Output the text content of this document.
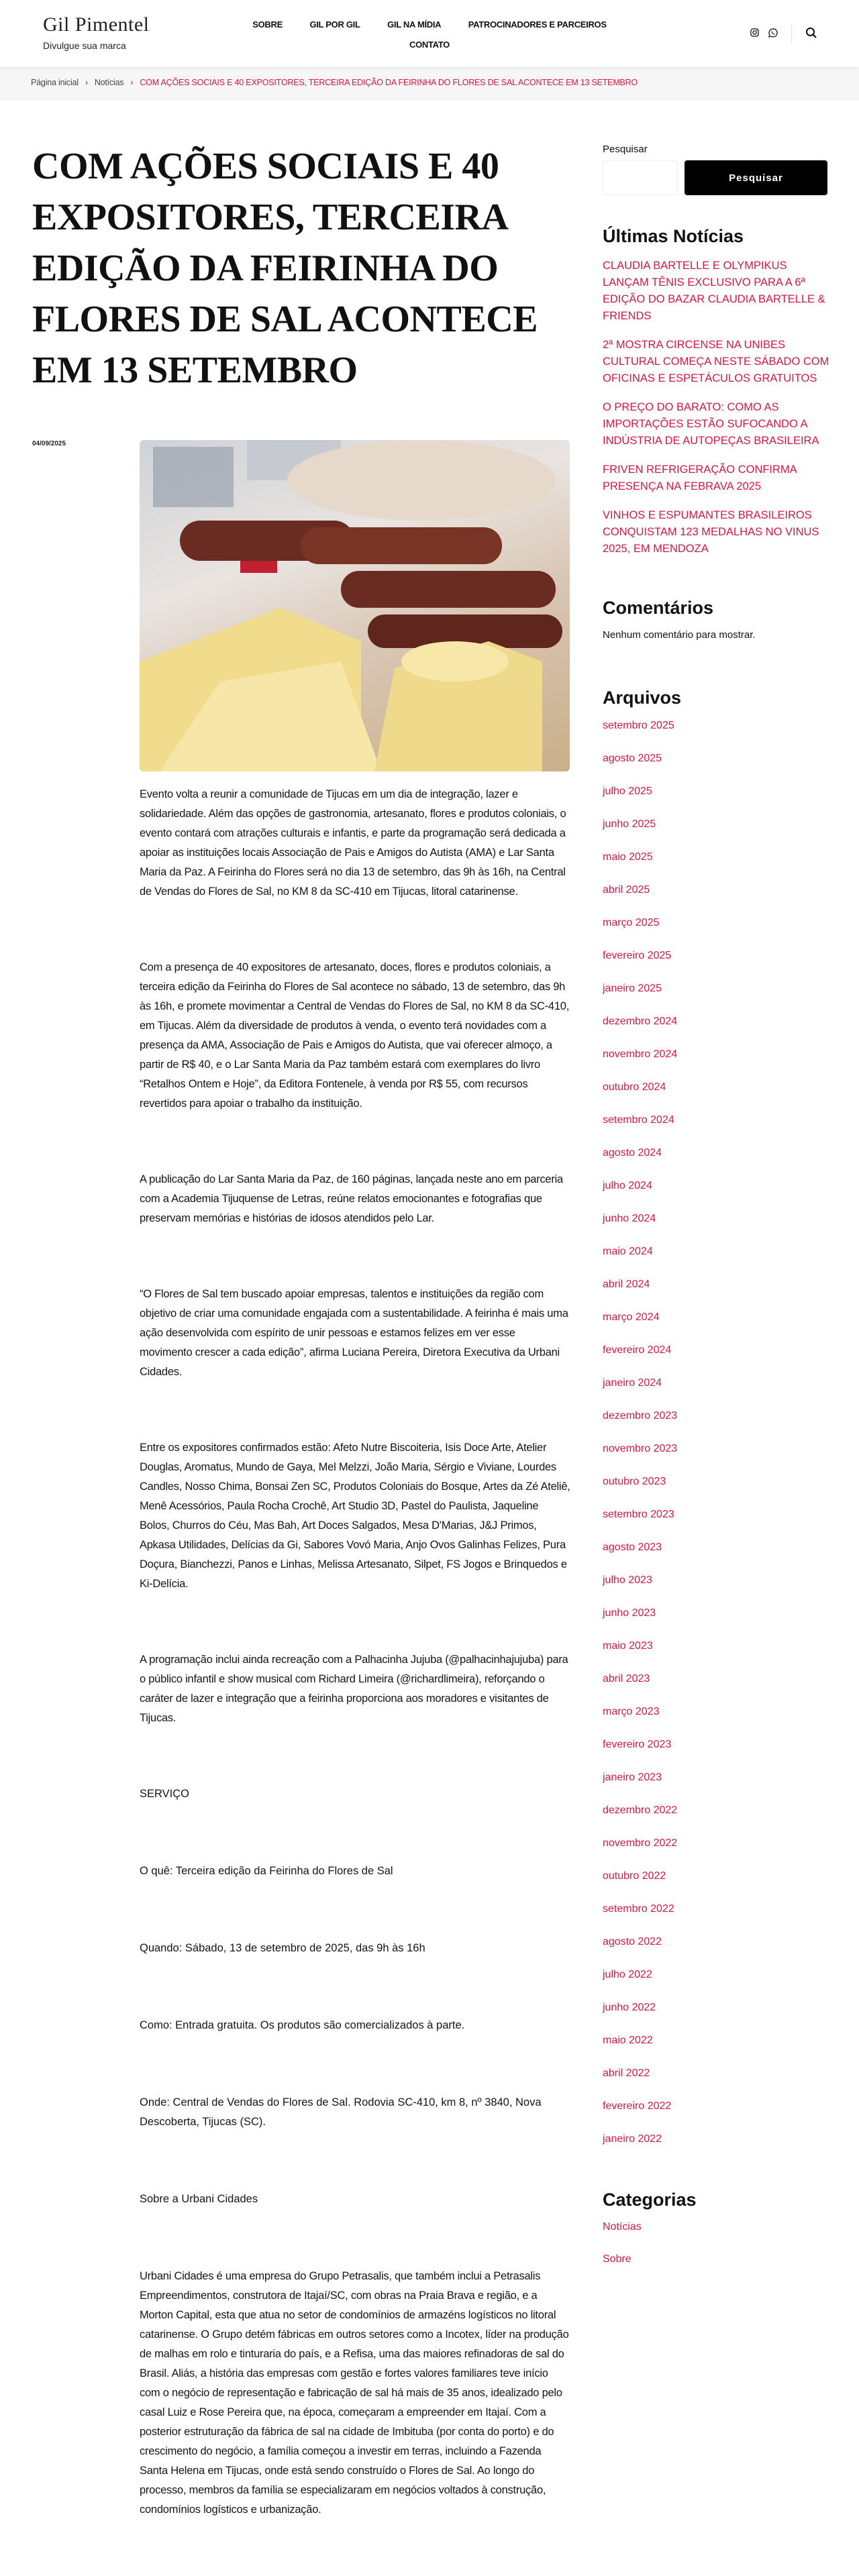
Gil Pimentel
Divulgue sua marca
SOBRE	GIL POR GIL	GIL NA MÍDIA	PATROCINADORES E PARCEIROS
CONTATO
Página inicial › Notícias › COM AÇÕES SOCIAIS E 40 EXPOSITORES, TERCEIRA EDIÇÃO DA FEIRINHA DO FLORES DE SAL ACONTECE EM 13 SETEMBRO
COM AÇÕES SOCIAIS E 40 EXPOSITORES, TERCEIRA EDIÇÃO DA FEIRINHA DO FLORES DE SAL ACONTECE EM 13 SETEMBRO
04/09/2025

Evento volta a reunir a comunidade de Tijucas em um dia de integração, lazer e solidariedade. Além das opções de gastronomia, artesanato, flores e produtos coloniais, o evento contará com atrações culturais e infantis, e parte da programação será dedicada a apoiar as instituições locais Associação de Pais e Amigos do Autista (AMA) e Lar Santa Maria da Paz. A Feirinha do Flores será no dia 13 de setembro, das 9h às 16h, na Central de Vendas do Flores de Sal, no KM 8 da SC-410 em Tijucas, litoral catarinense.

Com a presença de 40 expositores de artesanato, doces, flores e produtos coloniais, a terceira edição da Feirinha do Flores de Sal acontece no sábado, 13 de setembro, das 9h às 16h, e promete movimentar a Central de Vendas do Flores de Sal, no KM 8 da SC-410, em Tijucas. Além da diversidade de produtos à venda, o evento terá novidades com a presença da AMA, Associação de Pais e Amigos do Autista, que vai oferecer almoço, a partir de R$ 40, e o Lar Santa Maria da Paz também estará com exemplares do livro “Retalhos Ontem e Hoje”, da Editora Fontenele, à venda por R$ 55, com recursos revertidos para apoiar o trabalho da instituição.

A publicação do Lar Santa Maria da Paz, de 160 páginas, lançada neste ano em parceria com a Academia Tijuquense de Letras, reúne relatos emocionantes e fotografias que preservam memórias e histórias de idosos atendidos pelo Lar.

“O Flores de Sal tem buscado apoiar empresas, talentos e instituições da região com objetivo de criar uma comunidade engajada com a sustentabilidade. A feirinha é mais uma ação desenvolvida com espírito de unir pessoas e estamos felizes em ver esse movimento crescer a cada edição”, afirma Luciana Pereira, Diretora Executiva da Urbani Cidades.

Entre os expositores confirmados estão: Afeto Nutre Biscoiteria, Isis Doce Arte, Atelier Douglas, Aromatus, Mundo de Gaya, Mel Melzzi, João Maria, Sérgio e Viviane, Lourdes Candles, Nosso Chima, Bonsai Zen SC, Produtos Coloniais do Bosque, Artes da Zé Ateliê, Menê Acessórios, Paula Rocha Crochê, Art Studio 3D, Pastel do Paulista, Jaqueline Bolos, Churros do Céu, Mas Bah, Art Doces Salgados, Mesa D'Marias, J&J Primos, Apkasa Utilidades, Delícias da Gi, Sabores Vovó Maria, Anjo Ovos Galinhas Felizes, Pura Doçura, Bianchezzi, Panos e Linhas, Melissa Artesanato, Silpet, FS Jogos e Brinquedos e Ki-Delícia.

A programação inclui ainda recreação com a Palhacinha Jujuba (@palhacinhajujuba) para o público infantil e show musical com Richard Limeira (@richardlimeira), reforçando o caráter de lazer e integração que a feirinha proporciona aos moradores e visitantes de Tijucas.

SERVIÇO

O quê: Terceira edição da Feirinha do Flores de Sal

Quando: Sábado, 13 de setembro de 2025, das 9h às 16h

Como: Entrada gratuita. Os produtos são comercializados à parte.

Onde: Central de Vendas do Flores de Sal. Rodovia SC-410, km 8, nº 3840, Nova Descoberta, Tijucas (SC).

Sobre a Urbani Cidades

Urbani Cidades é uma empresa do Grupo Petrasalis, que também inclui a Petrasalis Empreendimentos, construtora de Itajaí/SC, com obras na Praia Brava e região, e a Morton Capital, esta que atua no setor de condomínios de armazéns logísticos no litoral catarinense. O Grupo detém fábricas em outros setores como a Incotex, líder na produção de malhas em rolo e tinturaria do país, e a Refisa, uma das maiores refinadoras de sal do Brasil. Aliás, a história das empresas com gestão e fortes valores familiares teve início com o negócio de representação e fabricação de sal há mais de 35 anos, idealizado pelo casal Luiz e Rose Pereira que, na época, começaram a empreender em Itajaí. Com a posterior estruturação da fábrica de sal na cidade de Imbituba (por conta do porto) e do crescimento do negócio, a família começou a investir em terras, incluindo a Fazenda Santa Helena em Tijucas, onde está sendo construído o Flores de Sal. Ao longo do processo, membros da família se especializaram em negócios voltados à construção, condomínios logísticos e urbanização.

Pesquisar
Pesquisar
Últimas Notícias
CLAUDIA BARTELLE E OLYMPIKUS LANÇAM TÊNIS EXCLUSIVO PARA A 6ª EDIÇÃO DO BAZAR CLAUDIA BARTELLE & FRIENDS
2ª MOSTRA CIRCENSE NA UNIBES CULTURAL COMEÇA NESTE SÁBADO COM OFICINAS E ESPETÁCULOS GRATUITOS
O PREÇO DO BARATO: COMO AS IMPORTAÇÕES ESTÃO SUFOCANDO A INDÚSTRIA DE AUTOPEÇAS BRASILEIRA
FRIVEN REFRIGERAÇÃO CONFIRMA PRESENÇA NA FEBRAVA 2025
VINHOS E ESPUMANTES BRASILEIROS CONQUISTAM 123 MEDALHAS NO VINUS 2025, EM MENDOZA
Comentários
Nenhum comentário para mostrar.
Arquivos
setembro 2025
agosto 2025
julho 2025
junho 2025
maio 2025
abril 2025
março 2025
fevereiro 2025
janeiro 2025
dezembro 2024
novembro 2024
outubro 2024
setembro 2024
agosto 2024
julho 2024
junho 2024
maio 2024
abril 2024
março 2024
fevereiro 2024
janeiro 2024
dezembro 2023
novembro 2023
outubro 2023
setembro 2023
agosto 2023
julho 2023
junho 2023
maio 2023
abril 2023
março 2023
fevereiro 2023
janeiro 2023
dezembro 2022
novembro 2022
outubro 2022
setembro 2022
agosto 2022
julho 2022
junho 2022
maio 2022
abril 2022
fevereiro 2022
janeiro 2022
Categorias
Notícias
Sobre
